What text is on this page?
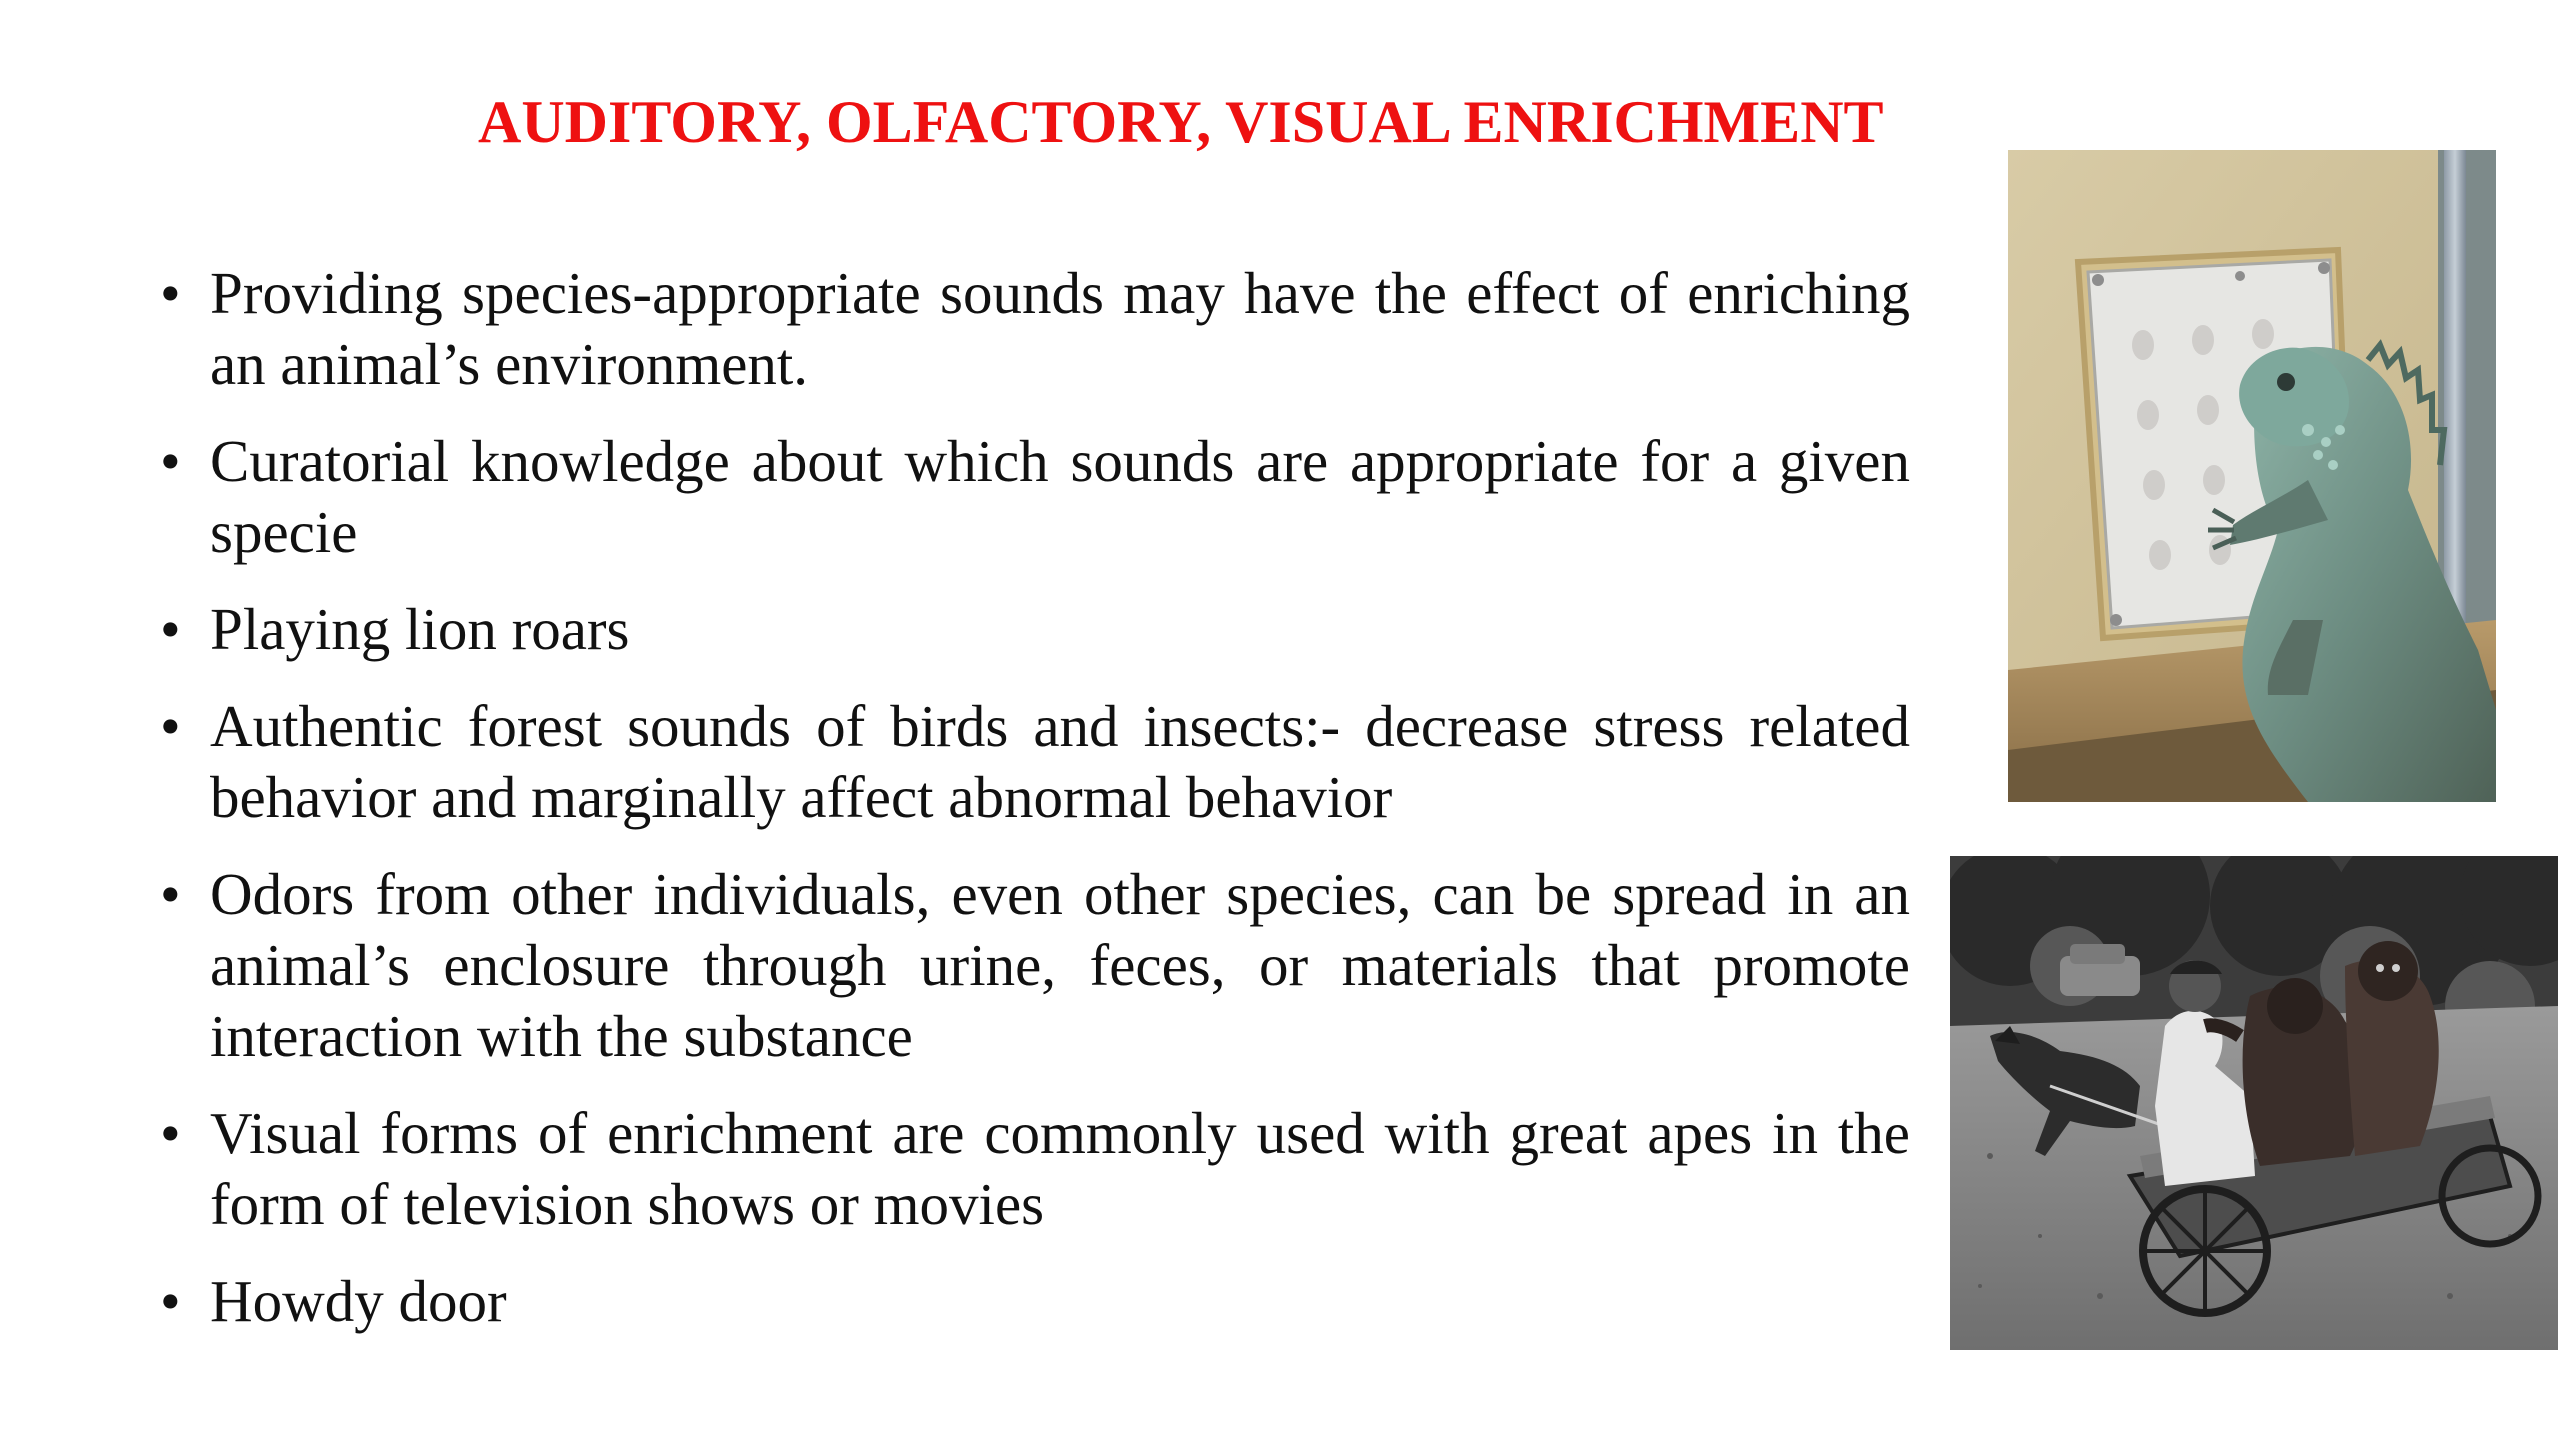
AUDITORY, OLFACTORY, VISUAL ENRICHMENT
• Providing species-appropriate sounds may have the effect of enriching an animal’s environment.
• Curatorial knowledge about which sounds are appropriate for a given specie
• Playing lion roars
• Authentic forest sounds of birds and insects:- decrease stress related behavior and marginally affect abnormal behavior
• Odors from other individuals, even other species, can be spread in an animal’s enclosure through urine, feces, or materials that promote interaction with the substance
• Visual forms of enrichment are commonly used with great apes in the form of television shows or movies
• Howdy door
